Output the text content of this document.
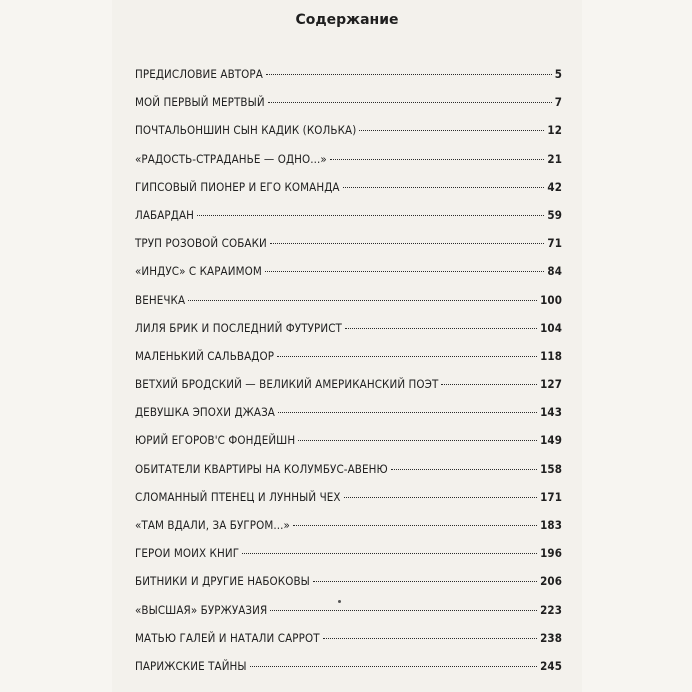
Содержание
ПРЕДИСЛОВИЕ АВТОРА	5
МОЙ ПЕРВЫЙ МЕРТВЫЙ	7
ПОЧТАЛЬОНШИН СЫН КАДИК (КОЛЬКА)	12
«РАДОСТЬ-СТРАДАНЬЕ — ОДНО...»	21
ГИПСОВЫЙ ПИОНЕР И ЕГО КОМАНДА	42
ЛАБАРДАН	59
ТРУП РОЗОВОЙ СОБАКИ	71
«ИНДУС» С КАРАИМОМ	84
ВЕНЕЧКА	100
ЛИЛЯ БРИК И ПОСЛЕДНИЙ ФУТУРИСТ	104
МАЛЕНЬКИЙ САЛЬВАДОР	118
ВЕТХИЙ БРОДСКИЙ — ВЕЛИКИЙ АМЕРИКАНСКИЙ ПОЭТ	127
ДЕВУШКА ЭПОХИ ДЖАЗА	143
ЮРИЙ ЕГОРОВ'С ФОНДЕЙШН	149
ОБИТАТЕЛИ КВАРТИРЫ НА КОЛУМБУС-АВЕНЮ	158
СЛОМАННЫЙ ПТЕНЕЦ И ЛУННЫЙ ЧЕХ	171
«ТАМ ВДАЛИ, ЗА БУГРОМ...»	183
ГЕРОИ МОИХ КНИГ	196
БИТНИКИ И ДРУГИЕ НАБОКОВЫ	206
«ВЫСШАЯ» БУРЖУАЗИЯ	223
МАТЬЮ ГАЛЕЙ И НАТАЛИ САРРОТ	238
ПАРИЖСКИЕ ТАЙНЫ	245
